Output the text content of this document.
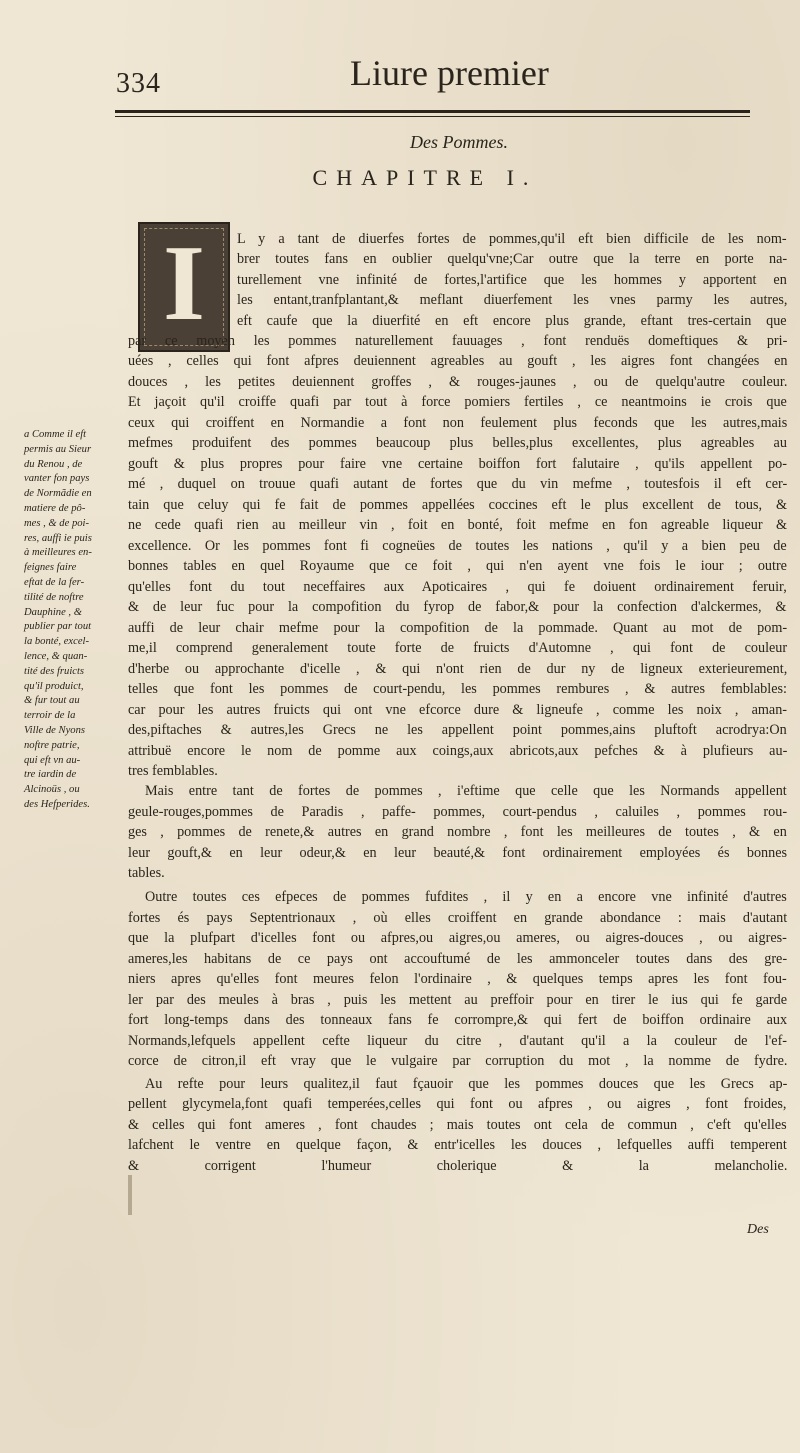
334	Liure premier
Des Pommes.
CHAPITRE I.
I	L y a tant de diuerfes fortes de pommes,qu'il eft bien difficile de les nom-
brer toutes fans en oublier quelqu'vne;Car outre que la terre en porte na-
turellement vne infinité de fortes,l'artifice que les hommes y apportent en
les entant,tranfplantant,& meflant diuerfement les vnes parmy les autres,
eft caufe que la diuerfité en eft encore plus grande, eftant tres-certain que
par ce moyen les pommes naturellement fauuages , font renduës domeftiques & pri-
uées , celles qui font afpres deuiennent agreables au gouft , les aigres font changées en
douces , les petites deuiennent groffes , & rouges-jaunes , ou de quelqu'autre couleur.
Et jaçoit qu'il croiffe quafi par tout à force pomiers fertiles , ce neantmoins ie crois que
ceux qui croiffent en Normandie a font non feulement plus feconds que les autres,mais
mefmes produifent des pommes beaucoup plus belles,plus excellentes, plus agreables au
gouft & plus propres pour faire vne certaine boiffon fort falutaire , qu'ils appellent po-
mé , duquel on trouue quafi autant de fortes que du vin mefme , toutesfois il eft cer-
tain que celuy qui fe fait de pommes appellées coccines eft le plus excellent de tous, &
ne cede quafi rien au meilleur vin , foit en bonté, foit mefme en fon agreable liqueur &
excellence. Or les pommes font fi cogneües de toutes les nations , qu'il y a bien peu de
bonnes tables en quel Royaume que ce foit , qui n'en ayent vne fois le iour ; outre
qu'elles font du tout neceffaires aux Apoticaires , qui fe doiuent ordinairement feruir,
& de leur fuc pour la compofition du fyrop de fabor,& pour la confection d'alckermes, &
auffi de leur chair mefme pour la compofition de la pommade. Quant au mot de pom-
me,il comprend generalement toute forte de fruicts d'Automne , qui font de couleur
d'herbe ou approchante d'icelle , & qui n'ont rien de dur ny de ligneux exterieurement,
telles que font les pommes de court-pendu, les pommes rembures , & autres femblables:
car pour les autres fruicts qui ont vne efcorce dure & ligneufe , comme les noix , aman-
des,piftaches & autres,les Grecs ne les appellent point pommes,ains pluftoft acrodrya:On
attribuë encore le nom de pomme aux coings,aux abricots,aux pefches & à plufieurs au-
tres femblables.
Mais entre tant de fortes de pommes , i'eftime que celle que les Normands appellent
geule-rouges,pommes de Paradis , paffe- pommes, court-pendus , caluiles , pommes rou-
ges , pommes de renete,& autres en grand nombre , font les meilleures de toutes , & en
leur gouft,& en leur odeur,& en leur beauté,& font ordinairement employées és bonnes
tables.
Outre toutes ces efpeces de pommes fufdites , il y en a encore vne infinité d'autres
fortes és pays Septentrionaux , où elles croiffent en grande abondance : mais d'autant
que la plufpart d'icelles font ou afpres,ou aigres,ou ameres, ou aigres-douces , ou aigres-
ameres,les habitans de ce pays ont accouftumé de les ammonceler toutes dans des gre-
niers apres qu'elles font meures felon l'ordinaire , & quelques temps apres les font fou-
ler par des meules à bras , puis les mettent au preffoir pour en tirer le ius qui fe garde
fort long-temps dans des tonneaux fans fe corrompre,& qui fert de boiffon ordinaire aux
Normands,lefquels appellent cefte liqueur du citre , d'autant qu'il a la couleur de l'ef-
corce de citron,il eft vray que le vulgaire par corruption du mot , la nomme de fydre.
Au refte pour leurs qualitez,il faut fçauoir que les pommes douces que les Grecs ap-
pellent glycymela,font quafi temperées,celles qui font ou afpres , ou aigres , font froides,
& celles qui font ameres , font chaudes ; mais toutes ont cela de commun , c'eft qu'elles
lafchent le ventre en quelque façon, & entr'icelles les douces , lefquelles auffi temperent
& corrigent l'humeur cholerique & la melancholie.
a Comme il eft
permis au Sieur
du Renou , de
vanter fon pays
de Normãdie en
matiere de pô-
mes , & de poi-
res, auffi ie puis
à meilleures en-
feignes faire
eftat de la fer-
tilité de noftre
Dauphine , &
publier par tout
la bonté, excel-
lence, & quan-
tité des fruicts
qu'il produict,
& fur tout au
terroir de la
Ville de Nyons
noftre patrie,
qui eft vn au-
tre iardin de
Alcinoüs , ou
des Hefperides.
Des
